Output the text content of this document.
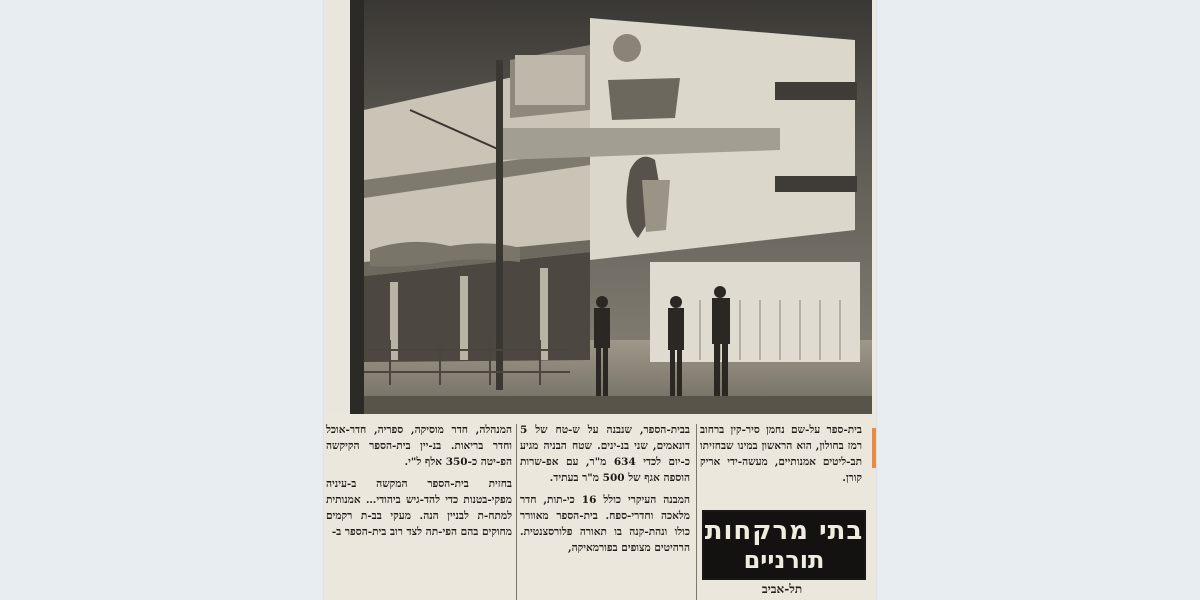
בית-ספר על-שם נחמן סיר-קין ברחוב רמז בחולון, הוא הראשון במינו שבחזיתו תב-ליטים אמנותיים, מעשה-ידי אריק קורן.

בבית-הספר, שנבנה על ש-טח של 5 דונאמים, שני בנ-ינים. שטח הבניה מגיע כ-יום לכדי 634 מ"ר, עם אפ-שרות הוספה אגף של 500 מ"ר בעתיד.

המבנה העיקרי כולל 16 כי-תות, חדר מלאכה וחדרי-ספח. בית-הספר מאוורר כולו ונהת-קנה בו תאורה פלורסצנטית. הרהיטים מצופים בפורמאיקה,

המנהלה, חדר מוסיקה, ספריה, חדר-אוכל וחדר בריאות. בנ-יין בית-הספר הקיקשה הפ-יטה כ-350 אלף ל"י.

בחזית בית-הספר המקשה ב-עיניה מפקי-בטנות כדי להד-גיש ביהודי… אמנותית למתח-ת לבניין הנה. מעקי בב-ת רקמים מחוקים בהם הפי-תה לצד רוב בית-הספר ב-	בתי מרקחות
תורניים
תל-אביב
